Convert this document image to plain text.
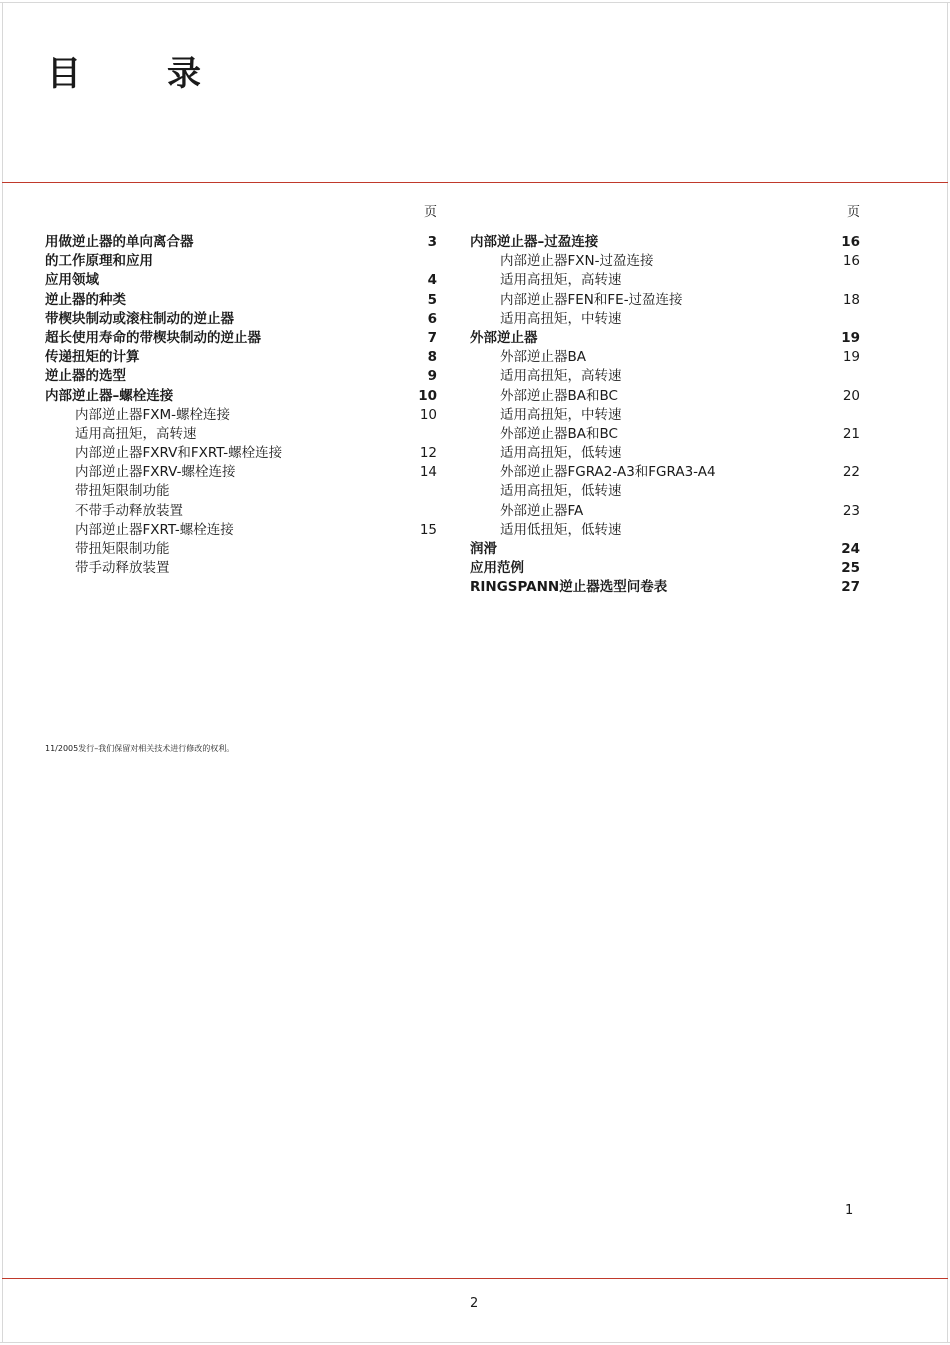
目　录
页
用做逆止器的单向离合器	3
的工作原理和应用
应用领域	4
逆止器的种类	5
带楔块制动或滚柱制动的逆止器	6
超长使用寿命的带楔块制动的逆止器	7
传递扭矩的计算	8
逆止器的选型	9
内部逆止器–螺栓连接	10
内部逆止器FXM-螺栓连接	10
适用高扭矩，高转速
内部逆止器FXRV和FXRT-螺栓连接	12
内部逆止器FXRV-螺栓连接	14
带扭矩限制功能
不带手动释放装置
内部逆止器FXRT-螺栓连接	15
带扭矩限制功能
带手动释放装置
页
内部逆止器–过盈连接	16
内部逆止器FXN-过盈连接	16
适用高扭矩，高转速
内部逆止器FEN和FE-过盈连接	18
适用高扭矩，中转速
外部逆止器	19
外部逆止器BA	19
适用高扭矩，高转速
外部逆止器BA和BC	20
适用高扭矩，中转速
外部逆止器BA和BC	21
适用高扭矩，低转速
外部逆止器FGRA2-A3和FGRA3-A4	22
适用高扭矩，低转速
外部逆止器FA	23
适用低扭矩，低转速
润滑	24
应用范例	25
RINGSPANN逆止器选型问卷表	27
11/2005发行–我们保留对相关技术进行修改的权利。
1
2
